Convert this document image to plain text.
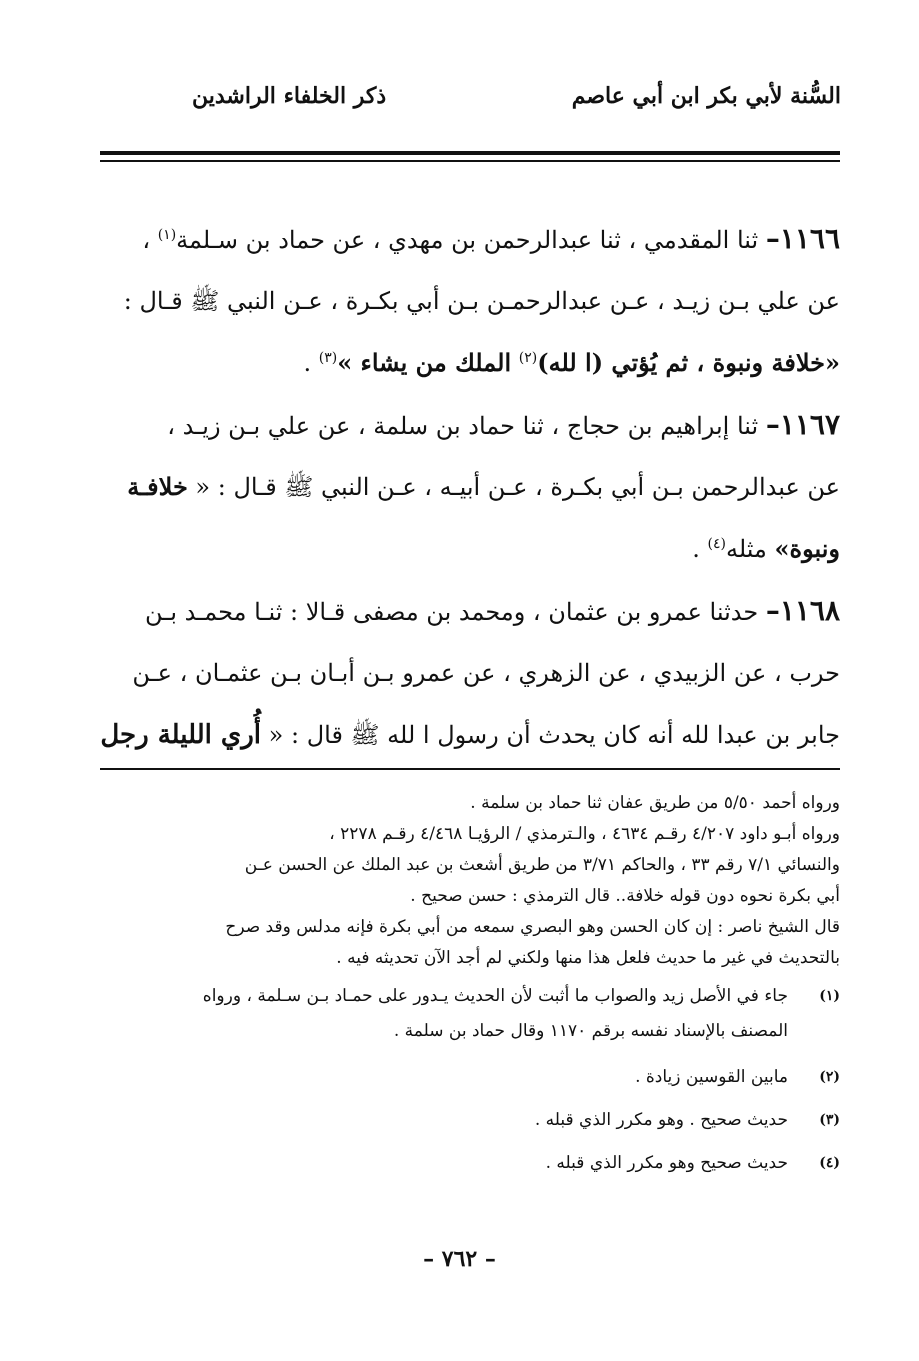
السُّنة لأبي بكر ابن أبي عاصم
ذكر الخلفاء الراشدين
١١٦٦– ثنا المقدمي ، ثنا عبدالرحمن بن مهدي ، عن حماد بن سـلمة$^{(١)}$ ،
عن علي بـن زيـد ، عـن عبدالرحمـن بـن أبي بكـرة ، عـن النبي ﷺ قـال :
«خلافة ونبوة ، ثم يُؤتي (ا لله)$^{(٢)}$ الملك من يشاء »$^{(٣)}$ .
١١٦٧– ثنا إبراهيم بن حجاج ، ثنا حماد بن سلمة ، عن علي بـن زيـد ،
عن عبدالرحمن بـن أبي بكـرة ، عـن أبيـه ، عـن النبي ﷺ قـال : « خلافـة
ونبوة» مثله$^{(٤)}$ .
١١٦٨– حدثنا عمرو بن عثمان ، ومحمد بن مصفى قـالا : ثنـا محمـد بـن
حرب ، عن الزبيدي ، عن الزهري ، عن عمرو بـن أبـان بـن عثمـان ، عـن
جابر بن عبدا لله أنه كان يحدث أن رسول ا لله ﷺ قال : « أُري الليلة رجل
ورواه أحمد ٥/٥٠ من طريق عفان ثنا حماد بن سلمة .
ورواه أبـو داود ٤/٢٠٧ رقـم ٤٦٣٤ ، والـترمذي / الرؤيـا ٤/٤٦٨ رقـم ٢٢٧٨ ،
والنسائي ٧/١ رقم ٣٣ ، والحاكم ٣/٧١ من طريق أشعث بن عبد الملك عن الحسن عـن
أبي بكرة نحوه دون قوله خلافة.. قال الترمذي : حسن صحيح .
قال الشيخ ناصر : إن كان الحسن وهو البصري سمعه من أبي بكرة فإنه مدلس وقد صرح
بالتحديث في غير ما حديث فلعل هذا منها ولكني لم أجد الآن تحديثه فيه .
(١)
جاء في الأصل زيد والصواب ما أثبت لأن الحديث يـدور على حمـاد بـن سـلمة ، ورواه
المصنف بالإسناد نفسه برقم ١١٧٠ وقال حماد بن سلمة .
(٢)
مابين القوسين زيادة .
(٣)
حديث صحيح . وهو مكرر الذي قبله .
(٤)
حديث صحيح وهو مكرر الذي قبله .
– ٧٦٢ –
